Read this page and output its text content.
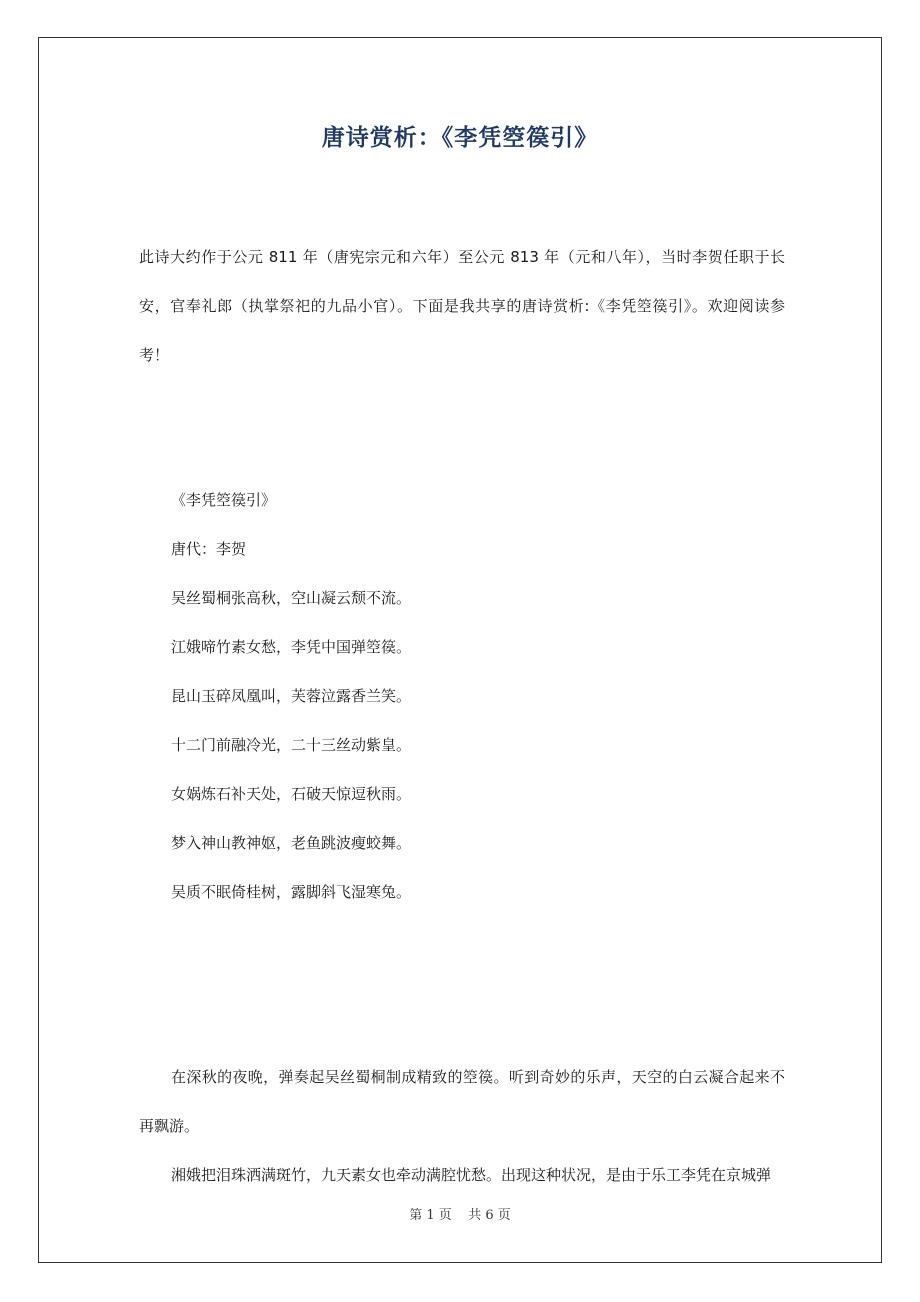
唐诗赏析：《李凭箜篌引》

此诗大约作于公元 811 年（唐宪宗元和六年）至公元 813 年（元和八年），当时李贺任职于长安，官奉礼郎（执掌祭祀的九品小官）。下面是我共享的唐诗赏析:《李凭箜篌引》。欢迎阅读参考！

《李凭箜篌引》
唐代：李贺
吴丝蜀桐张高秋，空山凝云颓不流。
江娥啼竹素女愁，李凭中国弹箜篌。
昆山玉碎凤凰叫，芙蓉泣露香兰笑。
十二门前融冷光，二十三丝动紫皇。
女娲炼石补天处，石破天惊逗秋雨。
梦入神山教神妪，老鱼跳波瘦蛟舞。
吴质不眠倚桂树，露脚斜飞湿寒兔。

在深秋的夜晚，弹奏起吴丝蜀桐制成精致的箜篌。听到奇妙的乐声，天空的白云凝合起来不再飘游。

湘娥把泪珠洒满斑竹，九天素女也牵动满腔忧愁。出现这种状况，是由于乐工李凭在京城弹

第 1 页 共 6 页
